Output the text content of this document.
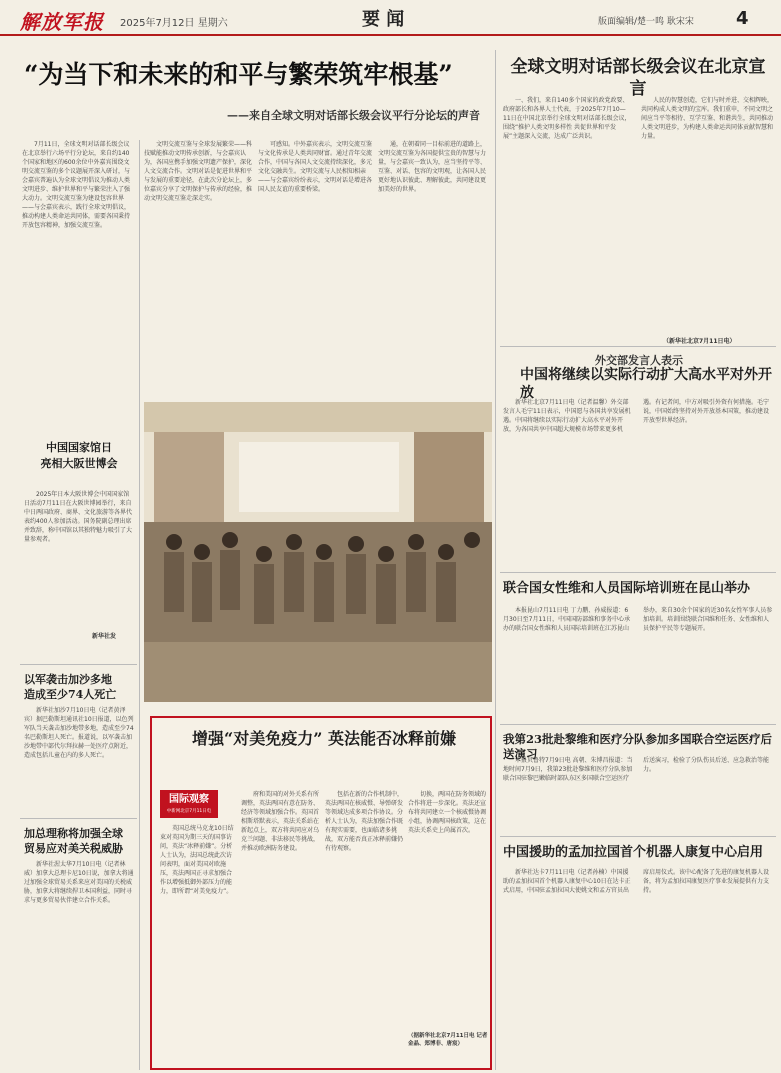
解放军报 2025年7月12日 星期六	要 闻	版面编辑/楚一鸣 耿宋宋 4
“为当下和未来的和平与繁荣筑牢根基”
——来自全球文明对话部长级会议平行分论坛的声音
7月11日，全球文明对话部长级会议在北京举行六场平行分论坛，来自约140个国家和地区的600余位中外嘉宾围绕文明交流互鉴的多个议题展开深入研讨，与会嘉宾普遍认为全球文明倡议为推动人类文明进步、维护世界和平与繁荣注入了强大动力。文明交流互鉴为建设包容世界——与会嘉宾表示，践行全球文明倡议，推动构建人类命运共同体，需要各国秉持开放包容精神，加强交流互鉴。
文明交流互鉴与全球发展繁荣——科技赋能推动文明传承创新，与会嘉宾认为，各国应携手加强文明遗产保护，深化人文交流合作。文明对话是促进世界和平与发展的重要途径，在此次分论坛上，多位嘉宾分享了文明保护与传承的经验，推动文明交流互鉴走深走实。
可感知。中外嘉宾表示，文明交流互鉴与文化传承是人类共同财富。通过青年交流合作，中国与各国人文交流持续深化，多元文化交融共生。文明交流与人民相知相亲——与会嘉宾纷纷表示，文明对话是增进各国人民友谊的重要桥梁。
通，在朝着同一目标前进的道路上，文明交流互鉴为各国提供宝贵的智慧与力量，与会嘉宾一致认为，应当坚持平等、互鉴、对话、包容的文明观，让各国人民更好地认识彼此、理解彼此，共同建设更加美好的世界。
全球文明对话部长级会议在北京宣言
一、我们，来自140多个国家的政党政要、政府部长和各界人士代表，于2025年7月10—11日在中国北京举行全球文明对话部长级会议，围绕“推护人类文明多样性 共促世界和平发展”主题深入交流，达成广泛共识。
人民的智慧创造，它们与时并进、交相辉映，共同构成人类文明的宝库。我们重申，不同文明之间应当平等相待、互学互鉴、和谐共生，共同推动人类文明进步，为构建人类命运共同体贡献智慧和力量。
（新华社北京7月11日电）
外交部发言人表示
中国将继续以实际行动扩大高水平对外开放
新华社北京7月11日电（记者温馨）外交部发言人毛宁11日表示，中国愿与各国共享发展机遇。中国将继续以实际行动扩大高水平对外开放，为各国共享中国超大规模市场带来更多机遇。有记者问，中方对吸引外资有何措施。毛宁说，中国始终坚持对外开放基本国策，推动建设开放型世界经济。
联合国女性维和人员国际培训班在昆山举办
本报昆山7月11日电 丁力鹏、孙威报道：6月30日至7月11日，中国国防部维和事务中心承办的联合国女性维和人员国际培训班在江苏昆山举办，来自30余个国家的近30名女性军事人员参加培训。培训围绕联合国维和任务、女性维和人员保护平民等专题展开。
我第23批赴黎维和医疗分队参加多国联合空运医疗后送演习
本报贝鲁特7月9日电 高朝、朱博昌报道：当地时间7月9日，我第23批赴黎维和医疗分队参加联合国驻黎巴嫩临时部队东区多国联合空运医疗后送演习，检验了分队伤员后送、应急救治等能力。
中国援助的孟加拉国首个机器人康复中心启用
新华社达卡7月11日电（记者孙楠）中国援助的孟加拉国首个机器人康复中心10日在达卡正式启用，中国驻孟加拉国大使姚文和孟方官员出席启用仪式。该中心配备了先进的康复机器人设备，将为孟加拉国康复医疗事业发展提供有力支持。
中国国家馆日
亮相大阪世博会
2025年日本大阪世博会中国国家馆日活动7月11日在大阪世博园举行，来自中日两国政府、商界、文化旅游等各界代表约400人参加活动。国务院副总理出席并致辞，称中国馆以其独特魅力吸引了大量参观者。
新华社发
以军袭击加沙多地
造成至少74人死亡
新华社加沙7月10日电（记者黄泽宾）据巴勒斯坦通讯社10日报道，以色列军队当天袭击加沙地带多地，造成至少74名巴勒斯坦人死亡。报道说，以军袭击加沙地带中部代尔拜拉赫一处医疗点附近，造成包括儿童在内的多人死亡。
加总理称将加强全球
贸易应对美关税威胁
新华社渥太华7月10日电（记者林威）加拿大总理卡尼10日说，加拿大将通过加强全球贸易关系来应对美国的关税威胁，加拿大将继续捍卫本国利益，同时寻求与更多贸易伙伴建立合作关系。
增强“对美免疫力” 英法能否冰释前嫌
国际观察
中新网北京7月11日电
英国总统马克龙10日结束对英国为期三天的国事访问，英法“冰释前嫌”。分析人士认为，法国总统此次访问表明，面对美国对欧施压，英法两国正寻求加强合作以增强抵御外部压力的能力，即所谓“对美免疫力”。
府和美国的对外关系有所调整，英法两国有意在防务、经济等领域加强合作。英国首相斯塔默表示，英法关系站在新起点上，双方将共同应对乌克兰问题、非法移民等挑战，并推动欧洲防务建设。
包括在新的合作机制中，英法两国在核威慑、导弹研发等领域达成多项合作协议。分析人士认为，英法加强合作既有现实需要，也面临诸多挑战，双方能否真正冰释前嫌仍有待观察。
切换，两国在防务领域的合作将进一步深化。英法还宣布将共同建立一个核威慑协调小组，协调两国核政策，这在英法关系史上尚属首次。
（据新华社北京7月11日电 记者金晶、郑博非、唐宸）
